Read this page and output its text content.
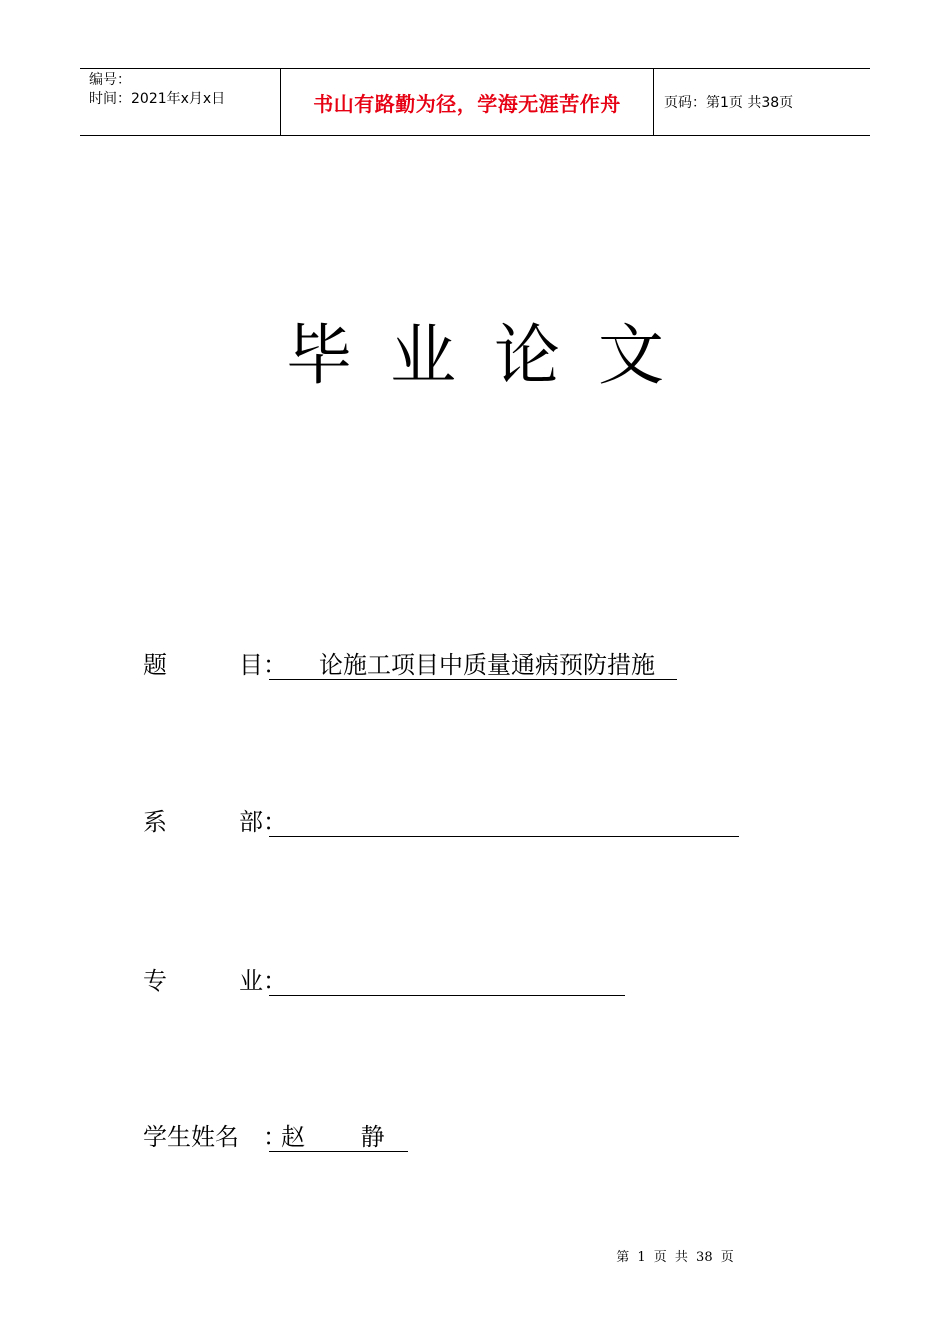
编号：
时间：2021年x月x日	书山有路勤为径，学海无涯苦作舟	页码：第1页 共38页
毕业论文
题	目 ：	论施工项目中质量通病预防措施
系	部 ：
专	业 ：
学生姓名	：
赵 静
第 1 页 共 38 页
